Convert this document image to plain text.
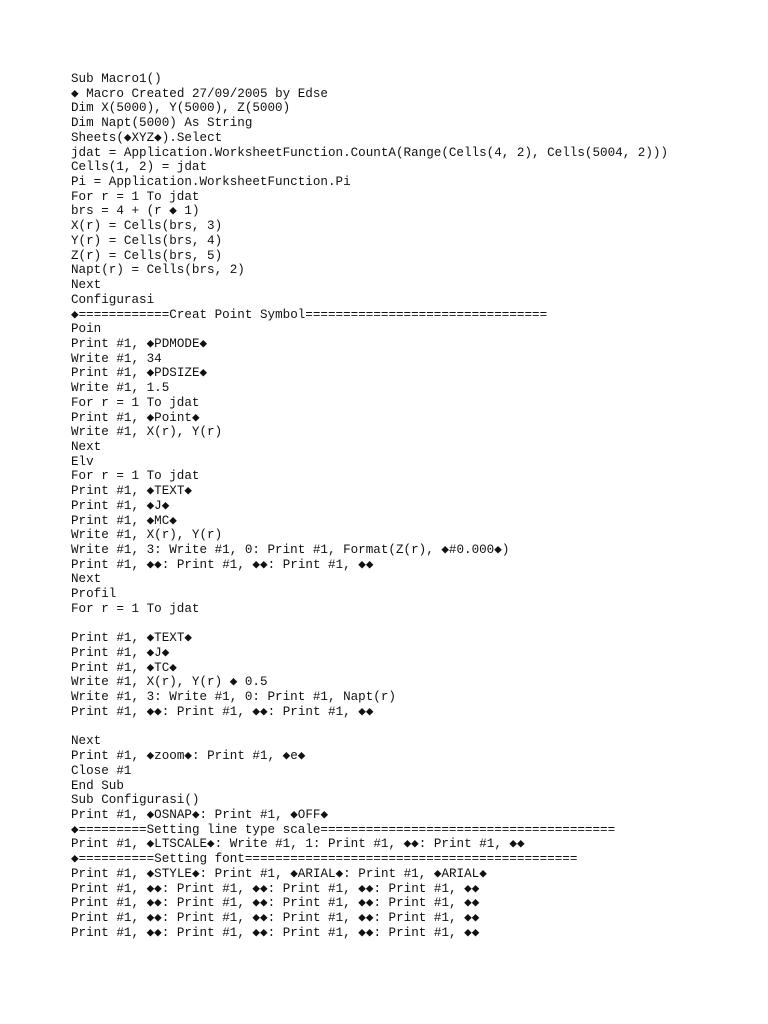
Sub Macro1()
◆ Macro Created 27/09/2005 by Edse
Dim X(5000), Y(5000), Z(5000)
Dim Napt(5000) As String
Sheets(◆XYZ◆).Select
jdat = Application.WorksheetFunction.CountA(Range(Cells(4, 2), Cells(5004, 2)))
Cells(1, 2) = jdat
Pi = Application.WorksheetFunction.Pi
For r = 1 To jdat
brs = 4 + (r ◆ 1)
X(r) = Cells(brs, 3)
Y(r) = Cells(brs, 4)
Z(r) = Cells(brs, 5)
Napt(r) = Cells(brs, 2)
Next
Configurasi
◆============Creat Point Symbol================================
Poin
Print #1, ◆PDMODE◆
Write #1, 34
Print #1, ◆PDSIZE◆
Write #1, 1.5
For r = 1 To jdat
Print #1, ◆Point◆
Write #1, X(r), Y(r)
Next
Elv
For r = 1 To jdat
Print #1, ◆TEXT◆
Print #1, ◆J◆
Print #1, ◆MC◆
Write #1, X(r), Y(r)
Write #1, 3: Write #1, 0: Print #1, Format(Z(r), ◆#0.000◆)
Print #1, ◆◆: Print #1, ◆◆: Print #1, ◆◆
Next
Profil
For r = 1 To jdat
Print #1, ◆TEXT◆
Print #1, ◆J◆
Print #1, ◆TC◆
Write #1, X(r), Y(r) ◆ 0.5
Write #1, 3: Write #1, 0: Print #1, Napt(r)
Print #1, ◆◆: Print #1, ◆◆: Print #1, ◆◆
Next
Print #1, ◆zoom◆: Print #1, ◆e◆
Close #1
End Sub
Sub Configurasi()
Print #1, ◆OSNAP◆: Print #1, ◆OFF◆
◆=========Setting line type scale=======================================
Print #1, ◆LTSCALE◆: Write #1, 1: Print #1, ◆◆: Print #1, ◆◆
◆==========Setting font============================================
Print #1, ◆STYLE◆: Print #1, ◆ARIAL◆: Print #1, ◆ARIAL◆
Print #1, ◆◆: Print #1, ◆◆: Print #1, ◆◆: Print #1, ◆◆
Print #1, ◆◆: Print #1, ◆◆: Print #1, ◆◆: Print #1, ◆◆
Print #1, ◆◆: Print #1, ◆◆: Print #1, ◆◆: Print #1, ◆◆
Print #1, ◆◆: Print #1, ◆◆: Print #1, ◆◆: Print #1, ◆◆
